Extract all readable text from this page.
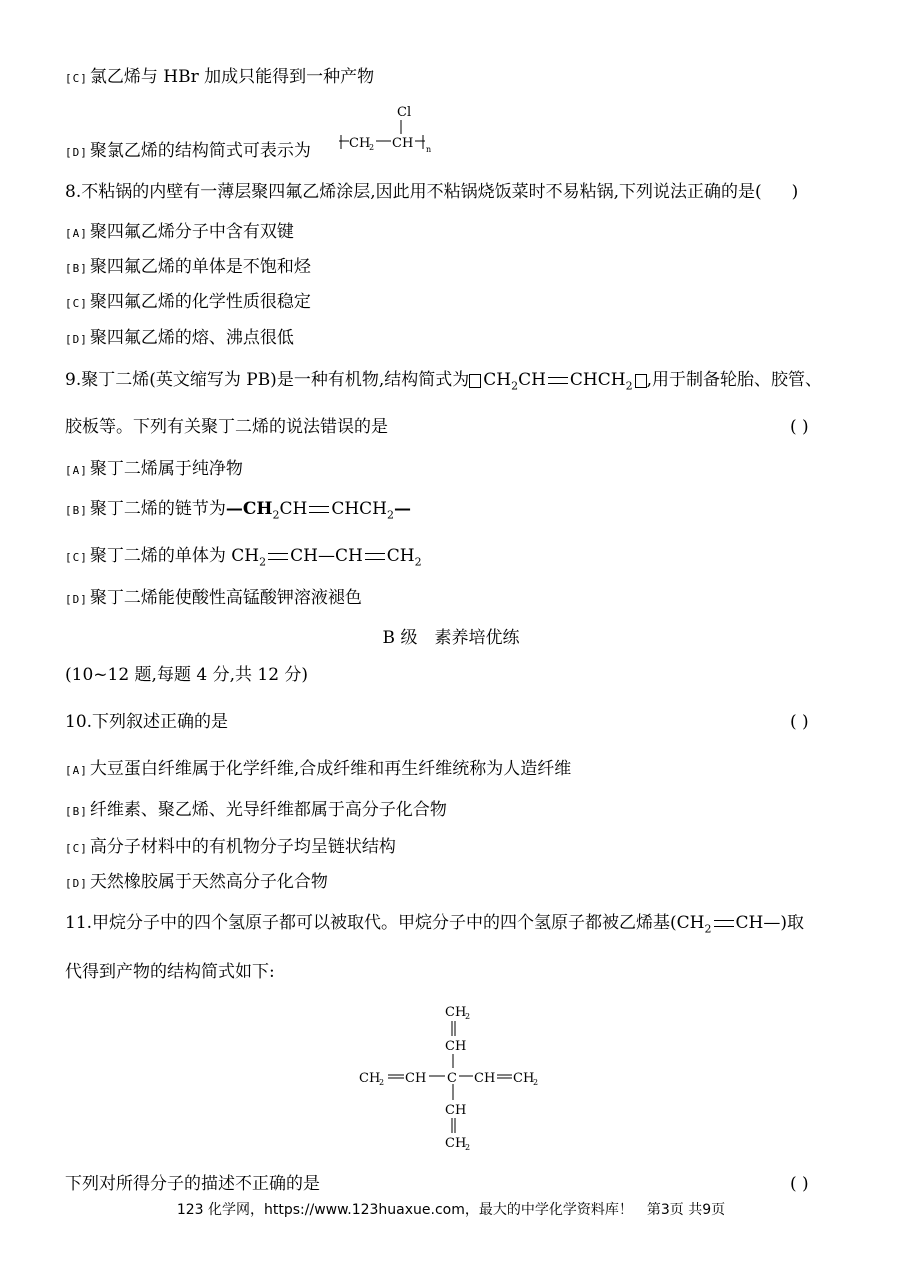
[C] 氯乙烯与 HBr 加成只能得到一种产物
[D] 聚氯乙烯的结构简式可表示为
Cl
CH
2 CH n
8.不粘锅的内壁有一薄层聚四氟乙烯涂层,因此用不粘锅烧饭菜时不易粘锅,下列说法正确的是( )
[A] 聚四氟乙烯分子中含有双键
[B] 聚四氟乙烯的单体是不饱和烃
[C] 聚四氟乙烯的化学性质很稳定
[D] 聚四氟乙烯的熔、沸点很低
9.聚丁二烯(英文缩写为 PB)是一种有机物,结构简式为 $CH_2CH$ $CHCH_2$ ,用于制备轮胎、胶管、
胶板等。下列有关聚丁二烯的说法错误的是	( )
[A] 聚丁二烯属于纯净物
[B] 聚丁二烯的链节为$—CH_2CH$ $CHCH_2—$
[C] 聚丁二烯的单体为 $CH_2$ CH—CH $CH_2$
[D] 聚丁二烯能使酸性高锰酸钾溶液褪色
B 级　素养培优练
(10~12 题,每题 4 分,共 12 分)
10.下列叙述正确的是	( )
[A] 大豆蛋白纤维属于化学纤维,合成纤维和再生纤维统称为人造纤维
[B] 纤维素、聚乙烯、光导纤维都属于高分子化合物
[C] 高分子材料中的有机物分子均呈链状结构
[D] 天然橡胶属于天然高分子化合物
11.甲烷分子中的四个氢原子都可以被取代。甲烷分子中的四个氢原子都被乙烯基($CH_2$ CH—)取
代得到产物的结构简式如下:
CH
2
CH
CH
2 CH C CH CH
2
CH
CH
2
下列对所得分子的描述不正确的是	( )
123 化学网，https://www.123huaxue.com，最大的中学化学资料库！　第3页 共9页
